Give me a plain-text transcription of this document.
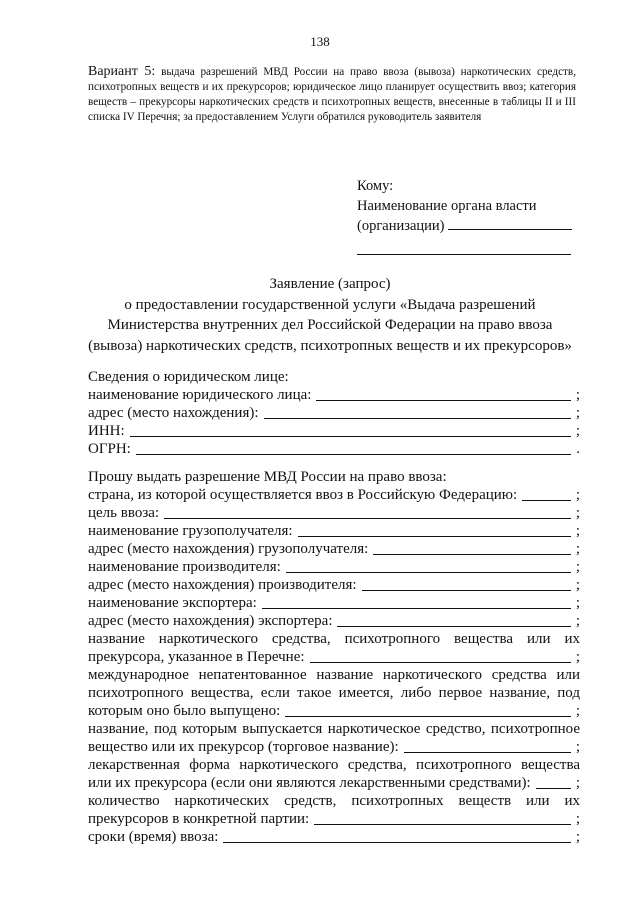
138
Вариант 5: выдача разрешений МВД России на право ввоза (вывоза) наркотических средств, психотропных веществ и их прекурсоров; юридическое лицо планирует осуществить ввоз; категория веществ – прекурсоры наркотических средств и психотропных веществ, внесенные в таблицы II и III списка IV Перечня; за предоставлением Услуги обратился руководитель заявителя
Кому:
Наименование органа власти
(организации)
Заявление (запрос)
о предоставлении государственной услуги «Выдача разрешений
Министерства внутренних дел Российской Федерации на право ввоза
(вывоза) наркотических средств, психотропных веществ и их прекурсоров»
Сведения о юридическом лице:
наименование юридического лица:	;
адрес (место нахождения):	;
ИНН:	;
ОГРН:	.
Прошу выдать разрешение МВД России на право ввоза:
страна, из которой осуществляется ввоз в Российскую Федерацию:	;
цель ввоза:	;
наименование грузополучателя:	;
адрес (место нахождения) грузополучателя:	;
наименование производителя:	;
адрес (место нахождения) производителя:	;
наименование экспортера:	;
адрес (место нахождения) экспортера:	;
название наркотического средства, психотропного вещества или их
прекурсора, указанное в Перечне:	;
международное непатентованное название наркотического средства или
психотропного вещества, если такое имеется, либо первое название, под
которым оно было выпущено:	;
название, под которым выпускается наркотическое средство, психотропное
вещество или их прекурсор (торговое название):	;
лекарственная форма наркотического средства, психотропного вещества
или их прекурсора (если они являются лекарственными средствами):	;
количество наркотических средств, психотропных веществ или их
прекурсоров в конкретной партии:	;
сроки (время) ввоза:	;
